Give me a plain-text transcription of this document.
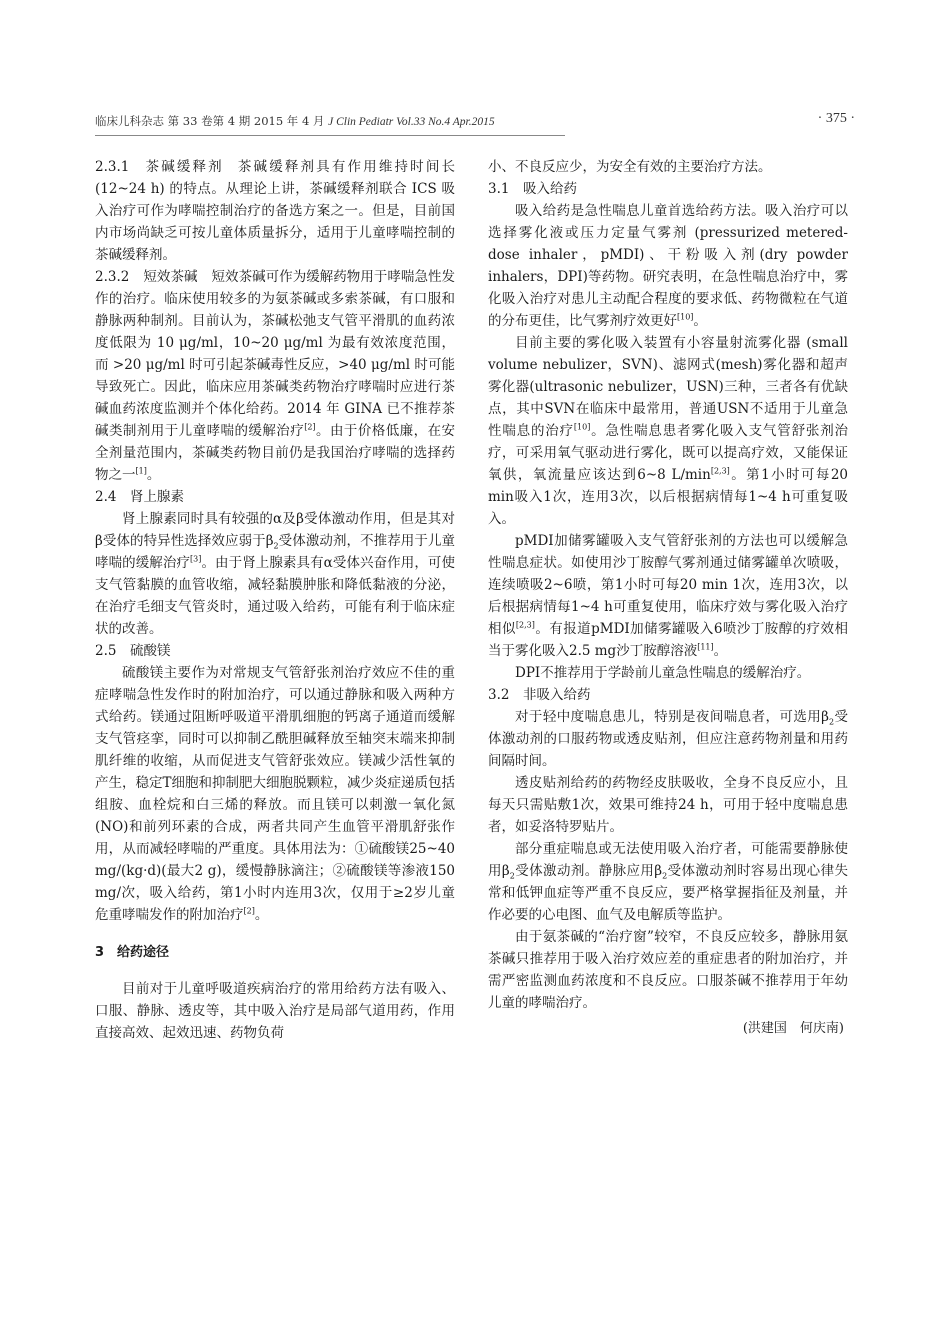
临床儿科杂志 第 33 卷第 4 期 2015 年 4 月 J Clin Pediatr Vol.33 No.4 Apr.2015	· 375 ·

2.3.1 茶碱缓释剂 茶碱缓释剂具有作用维持时间长 (12~24 h) 的特点。从理论上讲，茶碱缓释剂联合 ICS 吸入治疗可作为哮喘控制治疗的备选方案之一。但是，目前国内市场尚缺乏可按儿童体质量拆分，适用于儿童哮喘控制的茶碱缓释剂。

2.3.2 短效茶碱 短效茶碱可作为缓解药物用于哮喘急性发作的治疗。临床使用较多的为氨茶碱或多索茶碱，有口服和静脉两种制剂。目前认为，茶碱松弛支气管平滑肌的血药浓度低限为 10 μg/ml，10~20 μg/ml 为最有效浓度范围，而 >20 μg/ml 时可引起茶碱毒性反应，>40 μg/ml 时可能导致死亡。因此，临床应用茶碱类药物治疗哮喘时应进行茶碱血药浓度监测并个体化给药。2014 年 GINA 已不推荐茶碱类制剂用于儿童哮喘的缓解治疗[2]。由于价格低廉，在安全剂量范围内，茶碱类药物目前仍是我国治疗哮喘的选择药物之一[1]。

2.4　肾上腺素

肾上腺素同时具有较强的α及β受体激动作用，但是其对β受体的特异性选择效应弱于$\beta_2$受体激动剂，不推荐用于儿童哮喘的缓解治疗[3]。由于肾上腺素具有α受体兴奋作用，可使支气管黏膜的血管收缩，减轻黏膜肿胀和降低黏液的分泌，在治疗毛细支气管炎时，通过吸入给药，可能有利于临床症状的改善。

2.5　硫酸镁

硫酸镁主要作为对常规支气管舒张剂治疗效应不佳的重症哮喘急性发作时的附加治疗，可以通过静脉和吸入两种方式给药。镁通过阻断呼吸道平滑肌细胞的钙离子通道而缓解支气管痉挛，同时可以抑制乙酰胆碱释放至轴突末端来抑制肌纤维的收缩，从而促进支气管舒张效应。镁减少活性氧的产生，稳定T细胞和抑制肥大细胞脱颗粒，减少炎症递质包括组胺、血栓烷和白三烯的释放。而且镁可以刺激一氧化氮(NO)和前列环素的合成，两者共同产生血管平滑肌舒张作用，从而减轻哮喘的严重度。具体用法为：①硫酸镁25~40 mg/(kg·d)(最大2 g)，缓慢静脉滴注；②硫酸镁等渗液150 mg/次，吸入给药，第1小时内连用3次，仅用于≥2岁儿童危重哮喘发作的附加治疗[2]。

3　给药途径

目前对于儿童呼吸道疾病治疗的常用给药方法有吸入、口服、静脉、透皮等，其中吸入治疗是局部气道用药，作用直接高效、起效迅速、药物负荷

小、不良反应少，为安全有效的主要治疗方法。

3.1　吸入给药

吸入给药是急性喘息儿童首选给药方法。吸入治疗可以选择雾化液或压力定量气雾剂 (pressurized metered-dose inhaler，pMDI)、干粉吸入剂(dry powder inhalers，DPI)等药物。研究表明，在急性喘息治疗中，雾化吸入治疗对患儿主动配合程度的要求低、药物微粒在气道的分布更佳，比气雾剂疗效更好[10]。

目前主要的雾化吸入装置有小容量射流雾化器 (small volume nebulizer，SVN)、滤网式(mesh)雾化器和超声雾化器(ultrasonic nebulizer，USN)三种，三者各有优缺点，其中SVN在临床中最常用，普通USN不适用于儿童急性喘息的治疗[10]。急性喘息患者雾化吸入支气管舒张剂治疗，可采用氧气驱动进行雾化，既可以提高疗效，又能保证氧供，氧流量应该达到6~8 L/min[2,3]。第1小时可每20 min吸入1次，连用3次，以后根据病情每1~4 h可重复吸入。

pMDI加储雾罐吸入支气管舒张剂的方法也可以缓解急性喘息症状。如使用沙丁胺醇气雾剂通过储雾罐单次喷吸，连续喷吸2~6喷，第1小时可每20 min 1次，连用3次，以后根据病情每1~4 h可重复使用，临床疗效与雾化吸入治疗相似[2,3]。有报道pMDI加储雾罐吸入6喷沙丁胺醇的疗效相当于雾化吸入2.5 mg沙丁胺醇溶液[11]。

DPI不推荐用于学龄前儿童急性喘息的缓解治疗。

3.2　非吸入给药

对于轻中度喘息患儿，特别是夜间喘息者，可选用$\beta_2$受体激动剂的口服药物或透皮贴剂，但应注意药物剂量和用药间隔时间。

透皮贴剂给药的药物经皮肤吸收，全身不良反应小，且每天只需贴敷1次，效果可维持24 h，可用于轻中度喘息患者，如妥洛特罗贴片。

部分重症喘息或无法使用吸入治疗者，可能需要静脉使用$\beta_2$受体激动剂。静脉应用$\beta_2$受体激动剂时容易出现心律失常和低钾血症等严重不良反应，要严格掌握指征及剂量，并作必要的心电图、血气及电解质等监护。

由于氨茶碱的“治疗窗”较窄，不良反应较多，静脉用氨茶碱只推荐用于吸入治疗效应差的重症患者的附加治疗，并需严密监测血药浓度和不良反应。口服茶碱不推荐用于年幼儿童的哮喘治疗。

(洪建国　何庆南)
